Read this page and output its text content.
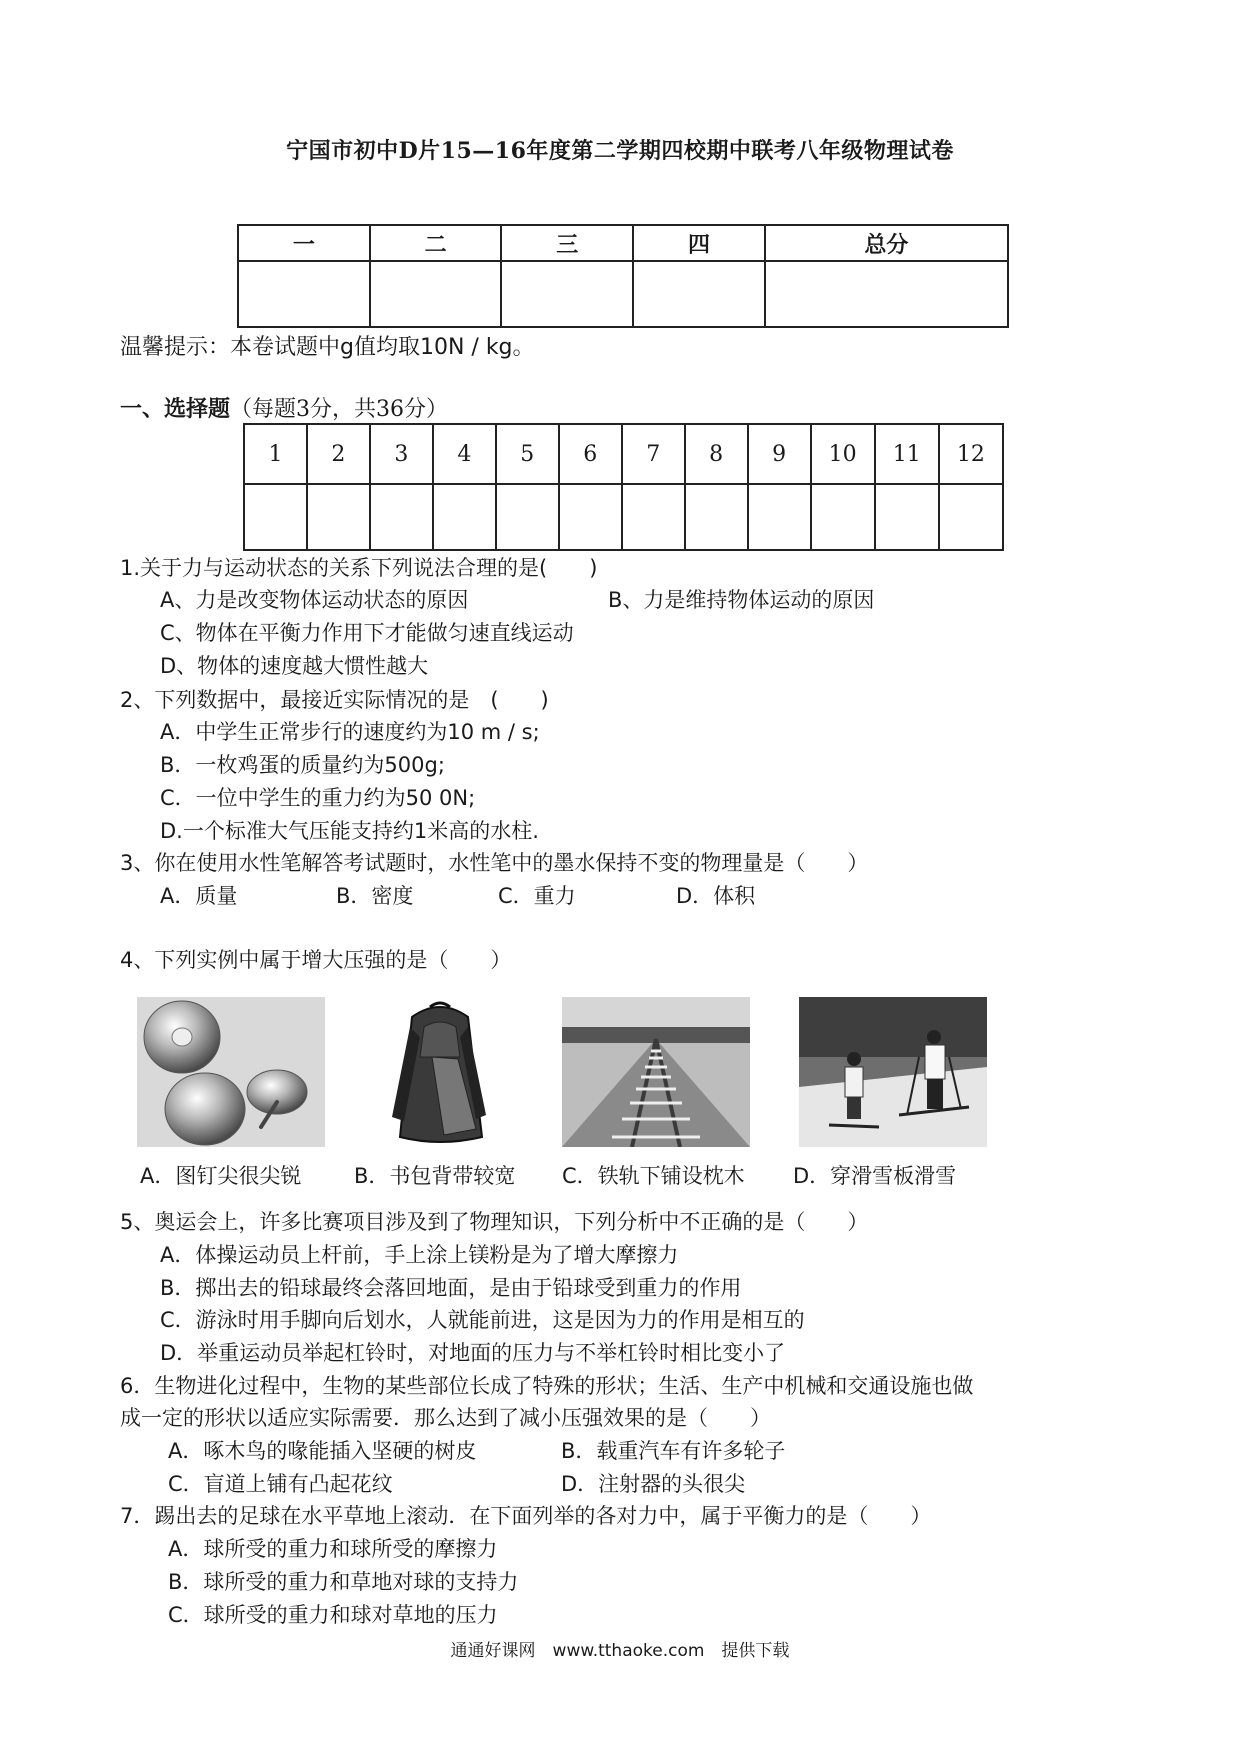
宁国市初中D片15—16年度第二学期四校期中联考八年级物理试卷
一	二	三	四	总分

温馨提示：本卷试题中g值均取10N / kg。
一、选择题（每题3分，共36分）
1	2	3	4	5	6	7	8	9	10	11	12

1.关于力与运动状态的关系下列说法合理的是(　　)
A、力是改变物体运动状态的原因	B、力是维持物体运动的原因
C、物体在平衡力作用下才能做匀速直线运动
D、物体的速度越大惯性越大
2、下列数据中，最接近实际情况的是　(　　)
A．中学生正常步行的速度约为10 m / s;
B．一枚鸡蛋的质量约为500g;
C．一位中学生的重力约为50 0N;
D.一个标准大气压能支持约1米高的水柱.
3、你在使用水性笔解答考试题时，水性笔中的墨水保持不变的物理量是（　　）
A．质量	B．密度	C．重力	D．体积
4、下列实例中属于增大压强的是（　　）
A．图钉尖很尖锐	B．书包背带较宽 C．铁轨下铺设枕木 D．穿滑雪板滑雪
5、奥运会上，许多比赛项目涉及到了物理知识，下列分析中不正确的是（　　）
A．体操运动员上杆前，手上涂上镁粉是为了增大摩擦力
B．掷出去的铅球最终会落回地面，是由于铅球受到重力的作用
C．游泳时用手脚向后划水，人就能前进，这是因为力的作用是相互的
D．举重运动员举起杠铃时，对地面的压力与不举杠铃时相比变小了
6．生物进化过程中，生物的某些部位长成了特殊的形状；生活、生产中机械和交通设施也做
成一定的形状以适应实际需要．那么达到了减小压强效果的是（　　）
A．啄木鸟的喙能插入坚硬的树皮	B．载重汽车有许多轮子
C．盲道上铺有凸起花纹	D．注射器的头很尖
7．踢出去的足球在水平草地上滚动．在下面列举的各对力中，属于平衡力的是（　　）
A．球所受的重力和球所受的摩擦力
B．球所受的重力和草地对球的支持力
C．球所受的重力和球对草地的压力
通通好课网　www.tthaoke.com　提供下载
